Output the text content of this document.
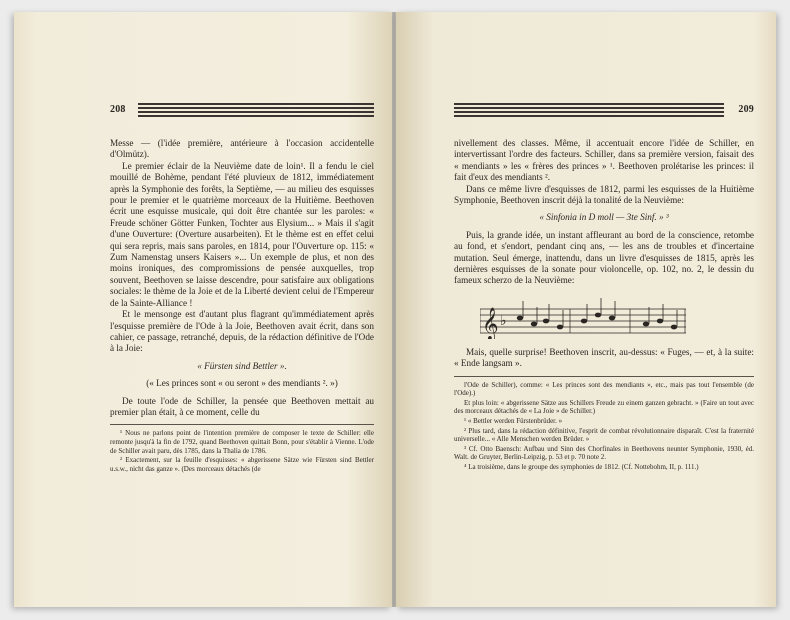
208

Messe — (l'idée première, antérieure à l'occasion accidentelle d'Olmütz).

Le premier éclair de la Neuvième date de loin¹. Il a fendu le ciel mouillé de Bohème, pendant l'été pluvieux de 1812, immédiatement après la Symphonie des forêts, la Septième, — au milieu des esquisses pour le premier et le quatrième morceaux de la Huitième. Beethoven écrit une esquisse musicale, qui doit être chantée sur les paroles: « Freude schöner Götter Funken, Tochter aus Elysium... » Mais il s'agit d'une Ouverture: (Overture ausarbeiten). Et le thème est en effet celui qui sera repris, mais sans paroles, en 1814, pour l'Ouverture op. 115: « Zum Namenstag unsers Kaisers »... Un exemple de plus, et non des moins ironiques, des compromissions de pensée auxquelles, trop souvent, Beethoven se laisse descendre, pour satisfaire aux obligations sociales: le thème de la Joie et de la Liberté devient celui de l'Empereur de la Sainte-Alliance !

Et le mensonge est d'autant plus flagrant qu'immédiatement après l'esquisse première de l'Ode à la Joie, Beethoven avait écrit, dans son cahier, ce passage, retranché, depuis, de la rédaction définitive de l'Ode à la Joie:

« Fürsten sind Bettler ».

(« Les princes sont « ou seront » des mendiants ². »)

De toute l'ode de Schiller, la pensée que Beethoven mettait au premier plan était, à ce moment, celle du

¹ Nous ne parlons point de l'intention première de composer le texte de Schiller: elle remonte jusqu'à la fin de 1792, quand Beethoven quittait Bonn, pour s'établir à Vienne. L'ode de Schiller avait paru, dès 1785, dans la Thalia de 1786.

² Exactement, sur la feuille d'esquisses: « abgerissene Sätze wie Fürsten sind Bettler u.s.w., nicht das ganze ». (Des morceaux détachés (de

209

nivellement des classes. Même, il accentuait encore l'idée de Schiller, en intervertissant l'ordre des facteurs. Schiller, dans sa première version, faisait des « mendiants » les « frères des princes » ¹. Beethoven prolétarise les princes: il fait d'eux des mendiants ².

Dans ce même livre d'esquisses de 1812, parmi les esquisses de la Huitième Symphonie, Beethoven inscrit déjà la tonalité de la Neuvième:

« Sinfonia in D moll — 3te Sinf. » ³

Puis, la grande idée, un instant affleurant au bord de la conscience, retombe au fond, et s'endort, pendant cinq ans, — les ans de troubles et d'incertaine mutation. Seul émerge, inattendu, dans un livre d'esquisses de 1815, après les dernières esquisses de la sonate pour violoncelle, op. 102, no. 2, le dessin du fameux scherzo de la Neuvième:

𝄞 ♭

Mais, quelle surprise! Beethoven inscrit, au-dessus: « Fuges, — et, à la suite: « Ende langsam ».

l'Ode de Schiller), comme: « Les princes sont des mendiants », etc., mais pas tout l'ensemble (de l'Ode).)

Et plus loin: « abgerissene Sätze aus Schillers Freude zu einem ganzen gebracht. » (Faire un tout avec des morceaux détachés de « La Joie » de Schiller.)

¹ « Bettler werden Fürstenbrüder. »

² Plus tard, dans la rédaction définitive, l'esprit de combat révolutionnaire disparaît. C'est la fraternité universelle... « Alle Menschen werden Brüder. »

³ Cf. Otto Baensch: Aufbau und Sinn des Chorfinales in Beethovens neunter Symphonie, 1930, éd. Walt. de Gruyter, Berlin-Leipzig, p. 53 et p. 70 note 2.

⁴ La troisième, dans le groupe des symphonies de 1812. (Cf. Nottebohm, II, p. 111.)
